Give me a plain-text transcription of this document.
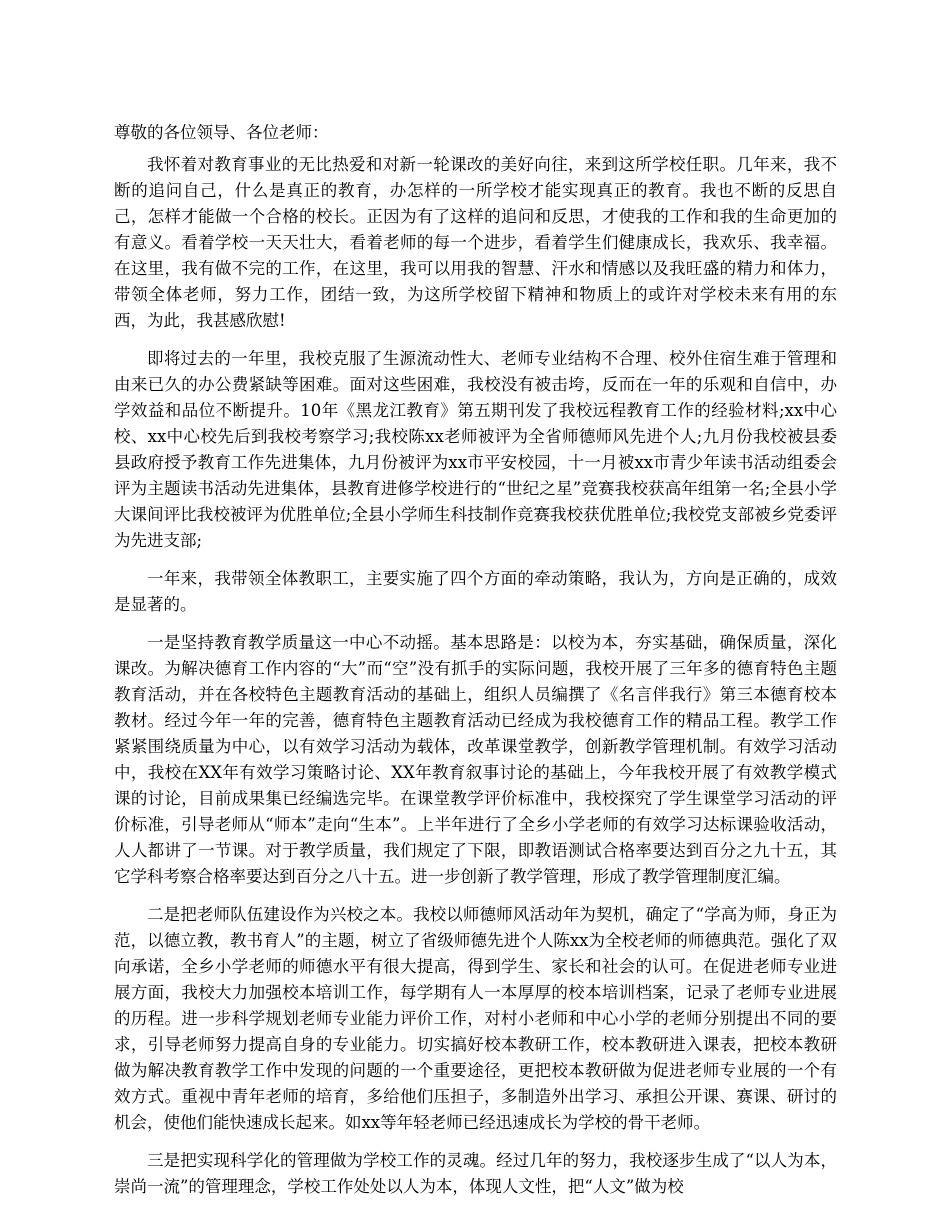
尊敬的各位领导、各位老师：

我怀着对教育事业的无比热爱和对新一轮课改的美好向往，来到这所学校任职。几年来，我不断的追问自己，什么是真正的教育，办怎样的一所学校才能实现真正的教育。我也不断的反思自己，怎样才能做一个合格的校长。正因为有了这样的追问和反思，才使我的工作和我的生命更加的有意义。看着学校一天天壮大，看着老师的每一个进步，看着学生们健康成长，我欢乐、我幸福。在这里，我有做不完的工作，在这里，我可以用我的智慧、汗水和情感以及我旺盛的精力和体力，带领全体老师，努力工作，团结一致，为这所学校留下精神和物质上的或许对学校未来有用的东西，为此，我甚感欣慰!

即将过去的一年里，我校克服了生源流动性大、老师专业结构不合理、校外住宿生难于管理和由来已久的办公费紧缺等困难。面对这些困难，我校没有被击垮，反而在一年的乐观和自信中，办学效益和品位不断提升。10年《黑龙江教育》第五期刊发了我校远程教育工作的经验材料;xx中心校、xx中心校先后到我校考察学习;我校陈xx老师被评为全省师德师风先进个人;九月份我校被县委县政府授予教育工作先进集体，九月份被评为xx市平安校园，十一月被xx市青少年读书活动组委会评为主题读书活动先进集体，县教育进修学校进行的“世纪之星”竞赛我校获高年组第一名;全县小学大课间评比我校被评为优胜单位;全县小学师生科技制作竞赛我校获优胜单位;我校党支部被乡党委评为先进支部;

一年来，我带领全体教职工，主要实施了四个方面的牵动策略，我认为，方向是正确的，成效是显著的。

一是坚持教育教学质量这一中心不动摇。基本思路是：以校为本，夯实基础，确保质量，深化课改。为解决德育工作内容的“大”而“空”没有抓手的实际问题，我校开展了三年多的德育特色主题教育活动，并在各校特色主题教育活动的基础上，组织人员编撰了《名言伴我行》第三本德育校本教材。经过今年一年的完善，德育特色主题教育活动已经成为我校德育工作的精品工程。教学工作紧紧围绕质量为中心，以有效学习活动为载体，改革课堂教学，创新教学管理机制。有效学习活动中，我校在XX年有效学习策略讨论、XX年教育叙事讨论的基础上，今年我校开展了有效教学模式课的讨论，目前成果集已经编选完毕。在课堂教学评价标准中，我校探究了学生课堂学习活动的评价标准，引导老师从“师本”走向“生本”。上半年进行了全乡小学老师的有效学习达标课验收活动，人人都讲了一节课。对于教学质量，我们规定了下限，即教语测试合格率要达到百分之九十五，其它学科考察合格率要达到百分之八十五。进一步创新了教学管理，形成了教学管理制度汇编。

二是把老师队伍建设作为兴校之本。我校以师德师风活动年为契机，确定了“学高为师，身正为范，以德立教，教书育人”的主题，树立了省级师德先进个人陈xx为全校老师的师德典范。强化了双向承诺，全乡小学老师的师德水平有很大提高，得到学生、家长和社会的认可。在促进老师专业进展方面，我校大力加强校本培训工作，每学期有人一本厚厚的校本培训档案，记录了老师专业进展的历程。进一步科学规划老师专业能力评价工作，对村小老师和中心小学的老师分别提出不同的要求，引导老师努力提高自身的专业能力。切实搞好校本教研工作，校本教研进入课表，把校本教研做为解决教育教学工作中发现的问题的一个重要途径，更把校本教研做为促进老师专业展的一个有效方式。重视中青年老师的培育，多给他们压担子，多制造外出学习、承担公开课、赛课、研讨的机会，使他们能快速成长起来。如xx等年轻老师已经迅速成长为学校的骨干老师。

三是把实现科学化的管理做为学校工作的灵魂。经过几年的努力，我校逐步生成了“以人为本，崇尚一流”的管理理念，学校工作处处以人为本，体现人文性，把“人文”做为校
